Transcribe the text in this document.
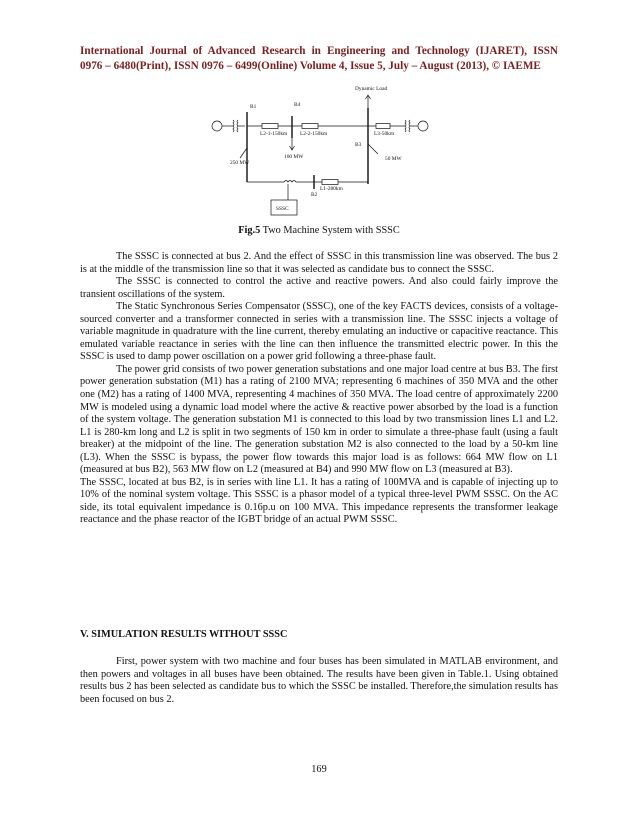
International Journal of Advanced Research in Engineering and Technology (IJARET), ISSN
0976 – 6480(Print), ISSN 0976 – 6499(Online) Volume 4, Issue 5, July – August (2013), © IAEME
Dynamic Load
B1	B4
B3
B2
L2-1-150km L2-2-150km	L3-50km
L1-280km
250 MW
100 MW	50 MW
SSSC
Fig.5 Two Machine System with SSSC

The SSSC is connected at bus 2. And the effect of SSSC in this transmission line was observed. The bus 2 is at the middle of the transmission line so that it was selected as candidate bus to connect the SSSC.

The SSSC is connected to control the active and reactive powers. And also could fairly improve the transient oscillations of the system.

The Static Synchronous Series Compensator (SSSC), one of the key FACTS devices, consists of a voltage-sourced converter and a transformer connected in series with a transmission line. The SSSC injects a voltage of variable magnitude in quadrature with the line current, thereby emulating an inductive or capacitive reactance. This emulated variable reactance in series with the line can then influence the transmitted electric power. In this the SSSC is used to damp power oscillation on a power grid following a three-phase fault.

The power grid consists of two power generation substations and one major load centre at bus B3. The first power generation substation (M1) has a rating of 2100 MVA; representing 6 machines of 350 MVA and the other one (M2) has a rating of 1400 MVA, representing 4 machines of 350 MVA. The load centre of approximately 2200 MW is modeled using a dynamic load model where the active & reactive power absorbed by the load is a function of the system voltage. The generation substation M1 is connected to this load by two transmission lines L1 and L2. L1 is 280-km long and L2 is split in two segments of 150 km in order to simulate a three-phase fault (using a fault breaker) at the midpoint of the line. The generation substation M2 is also connected to the load by a 50-km line (L3). When the SSSC is bypass, the power flow towards this major load is as follows: 664 MW flow on L1 (measured at bus B2), 563 MW flow on L2 (measured at B4) and 990 MW flow on L3 (measured at B3).

The SSSC, located at bus B2, is in series with line L1. It has a rating of 100MVA and is capable of injecting up to 10% of the nominal system voltage. This SSSC is a phasor model of a typical three-level PWM SSSC. On the AC side, its total equivalent impedance is 0.16p.u on 100 MVA. This impedance represents the transformer leakage reactance and the phase reactor of the IGBT bridge of an actual PWM SSSC.

V. SIMULATION RESULTS WITHOUT SSSC

First, power system with two machine and four buses has been simulated in MATLAB environment, and then powers and voltages in all buses have been obtained. The results have been given in Table.1. Using obtained results bus 2 has been selected as candidate bus to which the SSSC be installed. Therefore,the simulation results has been focused on bus 2.

169
